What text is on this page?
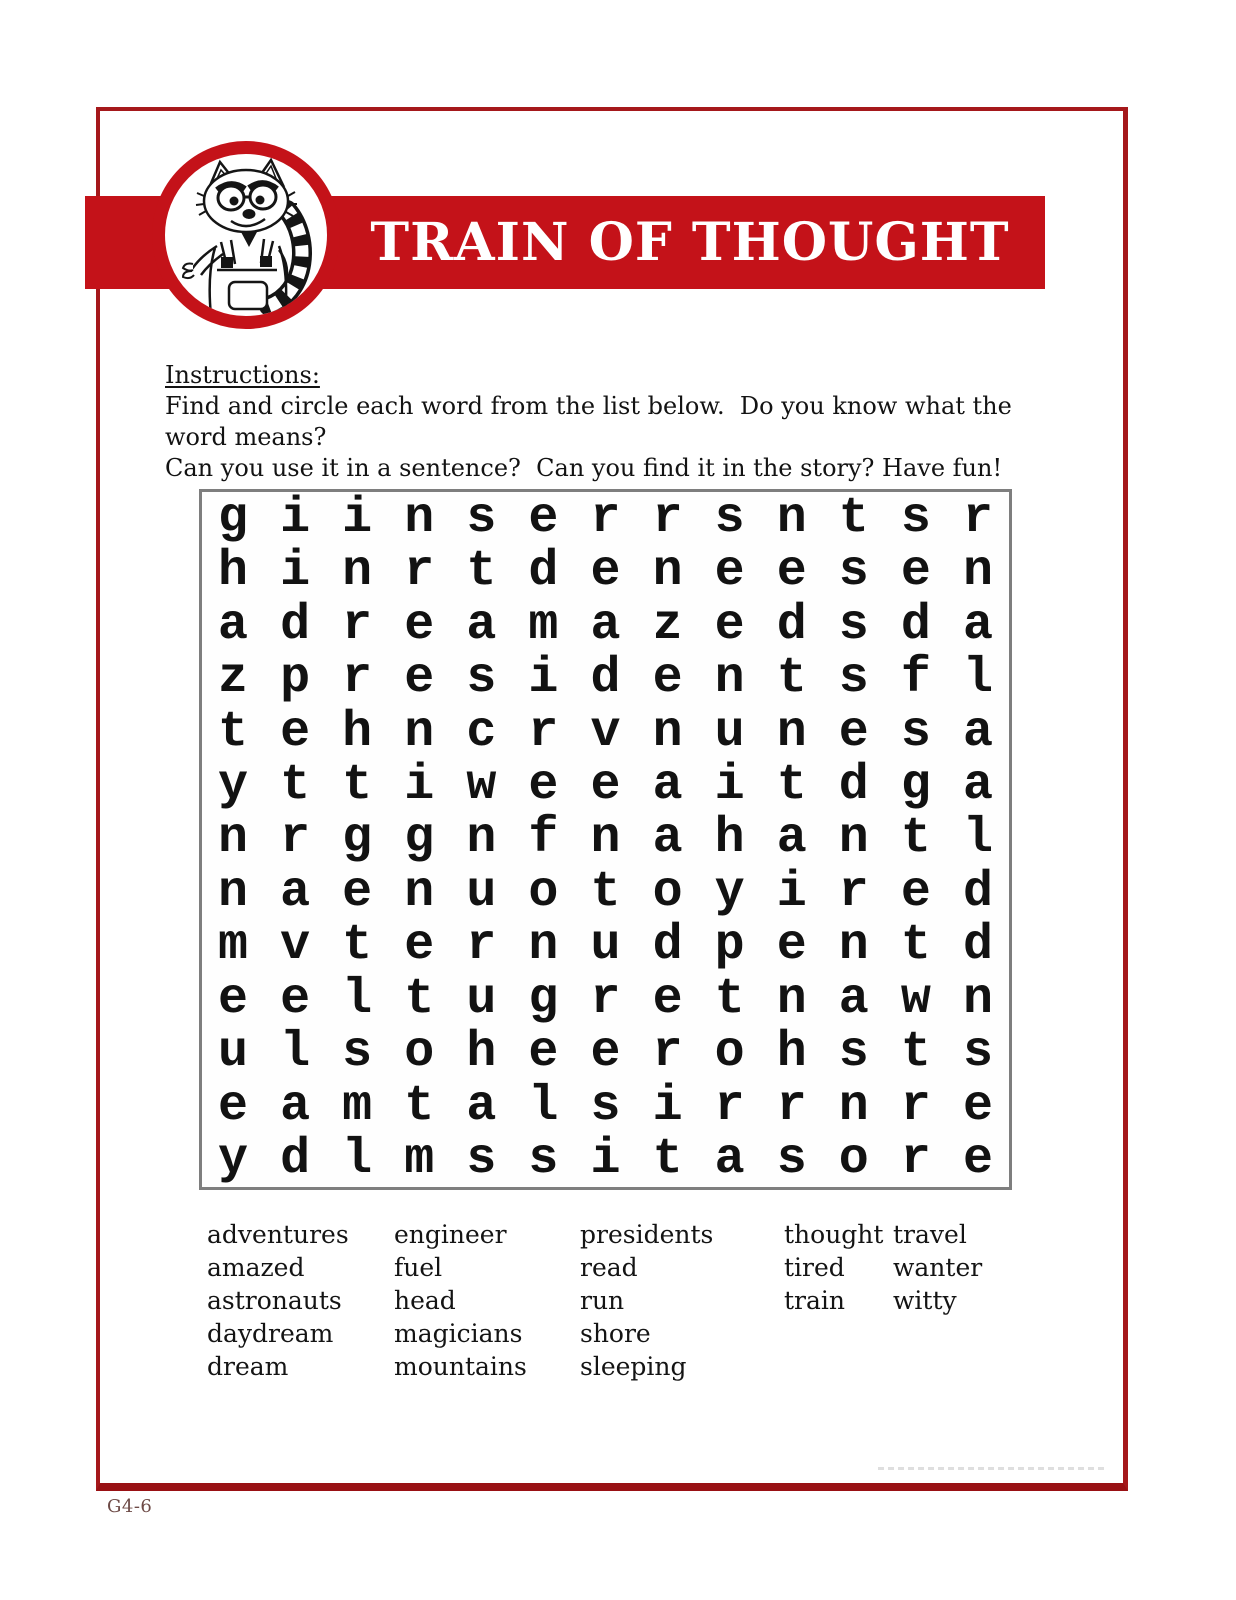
TRAIN OF THOUGHT
Instructions:
Find and circle each word from the list below.  Do you know what the word means?
Can you use it in a sentence?  Can you find it in the story? Have fun!
g i i n s e r r s n t s r
h i n r t d e n e e s e n
a d r e a m a z e d s d a
z p r e s i d e n t s f l
t e h n c r v n u n e s a
y t t i w e e a i t d g a
n r g g n f n a h a n t l
n a e n u o t o y i r e d
m v t e r n u d p e n t d
e e l t u g r e t n a w n
u l s o h e e r o h s t s
e a m t a l s i r r n r e
y d l m s s i t a s o r e
adventures
amazed
astronauts
daydream
dream
engineer
fuel
head
magicians
mountains
presidents
read
run
shore
sleeping
thought
tired
train
travel
wanter
witty
G4-6
